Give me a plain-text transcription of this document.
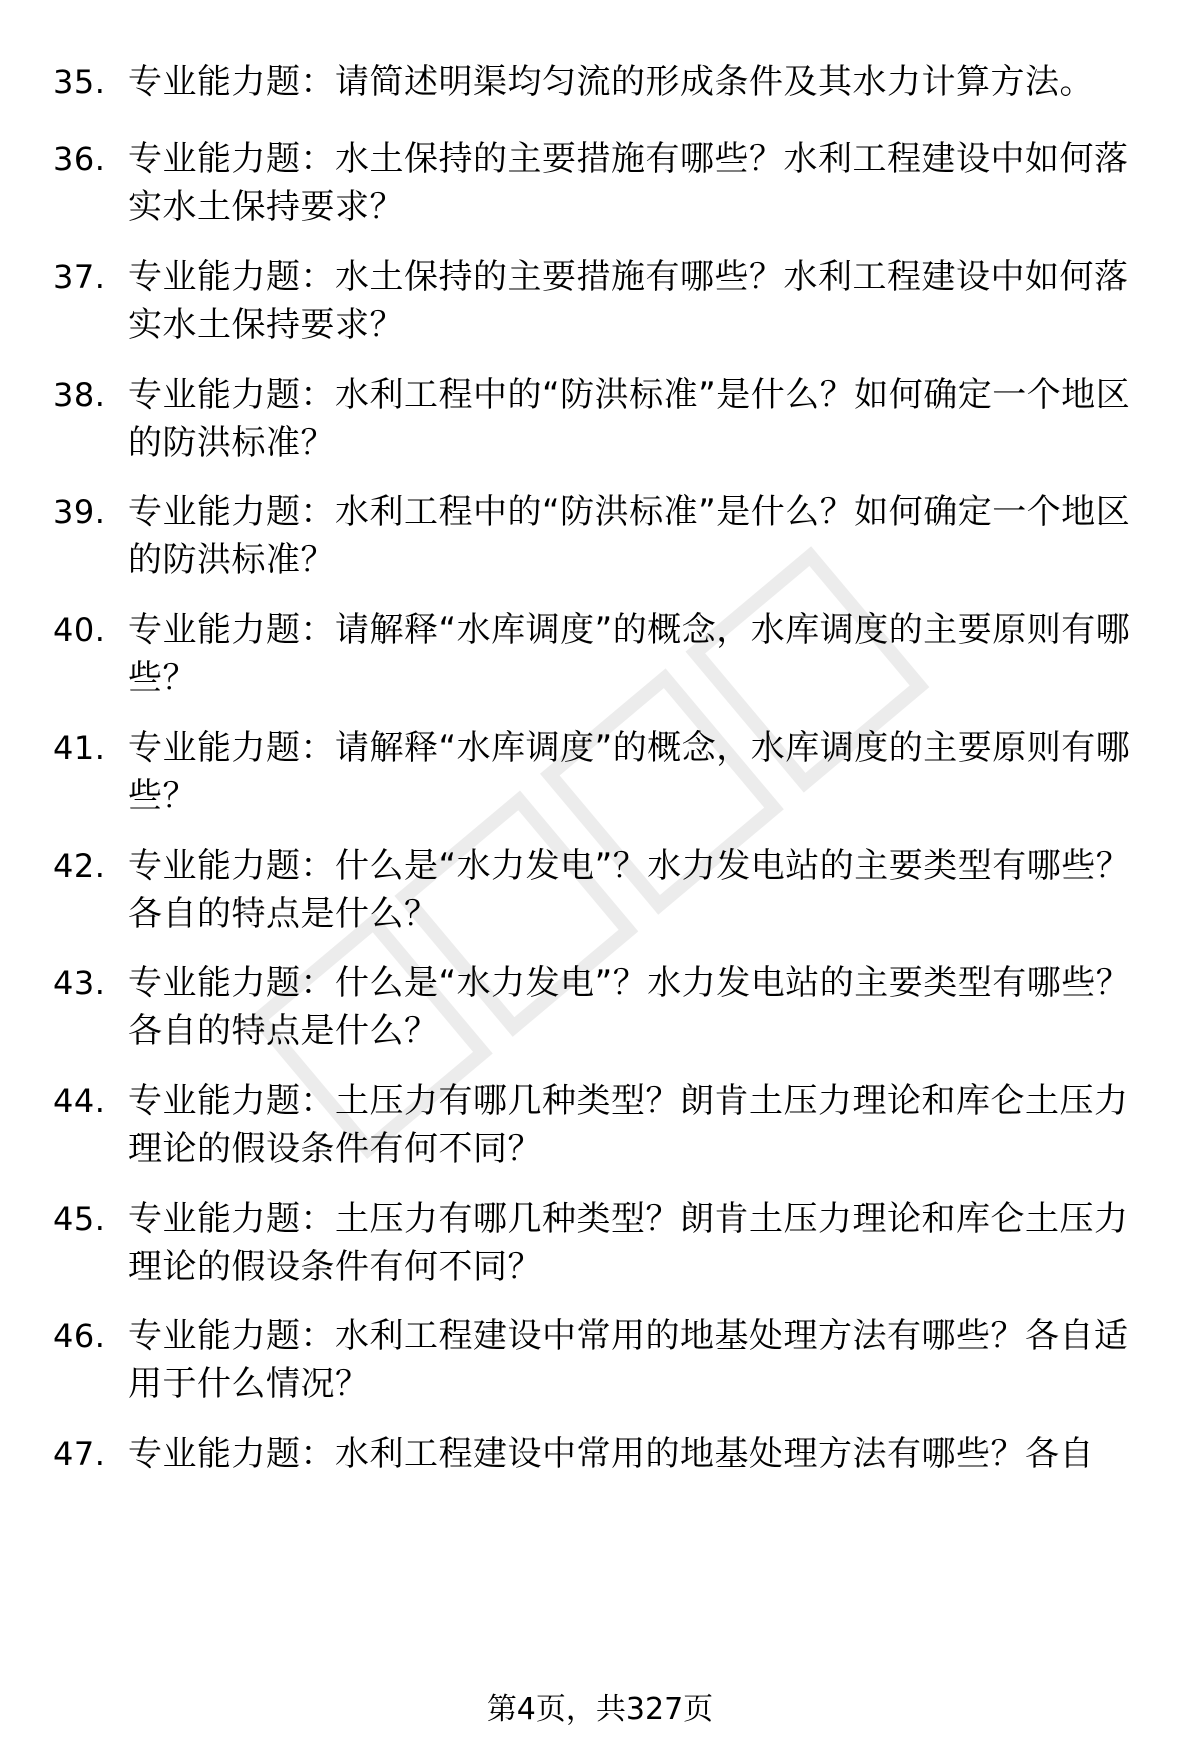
35. 专业能力题：请简述明渠均匀流的形成条件及其水力计算方法。
36. 专业能力题：水土保持的主要措施有哪些？水利工程建设中如何落实水土保持要求？
37. 专业能力题：水土保持的主要措施有哪些？水利工程建设中如何落实水土保持要求？
38. 专业能力题：水利工程中的“防洪标准”是什么？如何确定一个地区的防洪标准？
39. 专业能力题：水利工程中的“防洪标准”是什么？如何确定一个地区的防洪标准？
40. 专业能力题：请解释“水库调度”的概念，水库调度的主要原则有哪些？
41. 专业能力题：请解释“水库调度”的概念，水库调度的主要原则有哪些？
42. 专业能力题：什么是“水力发电”？水力发电站的主要类型有哪些？各自的特点是什么？
43. 专业能力题：什么是“水力发电”？水力发电站的主要类型有哪些？各自的特点是什么？
44. 专业能力题：土压力有哪几种类型？朗肯土压力理论和库仑土压力理论的假设条件有何不同？
45. 专业能力题：土压力有哪几种类型？朗肯土压力理论和库仑土压力理论的假设条件有何不同？
46. 专业能力题：水利工程建设中常用的地基处理方法有哪些？各自适用于什么情况？
47. 专业能力题：水利工程建设中常用的地基处理方法有哪些？各自
第4页，共327页
